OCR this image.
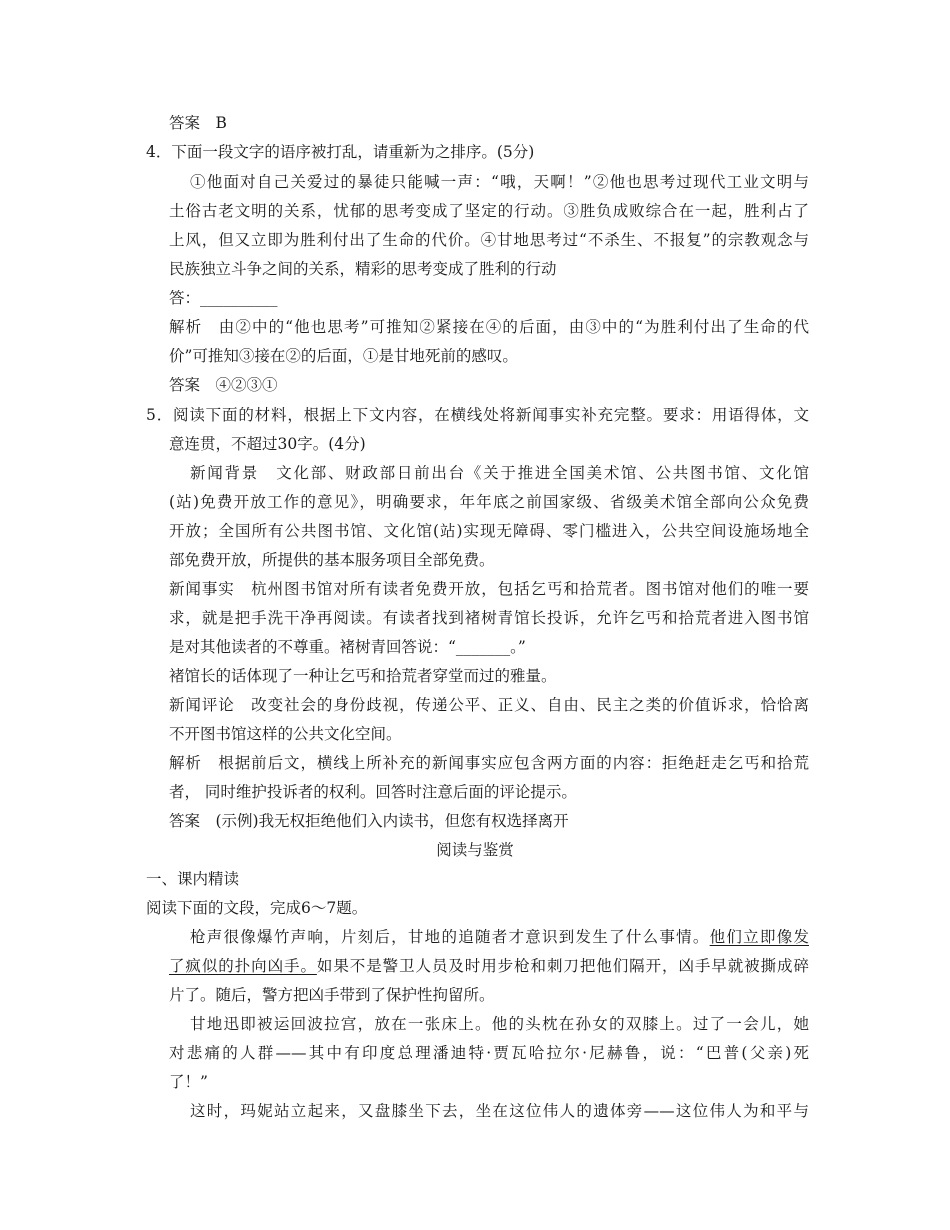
答案　B
4．下面一段文字的语序被打乱，请重新为之排序。(5分)
①他面对自己关爱过的暴徒只能喊一声：“哦，天啊！”②他也思考过现代工业文明与
土俗古老文明的关系，忧郁的思考变成了坚定的行动。③胜负成败综合在一起，胜利占了
上风，但又立即为胜利付出了生命的代价。④甘地思考过“不杀生、不报复”的宗教观念与
民族独立斗争之间的关系，精彩的思考变成了胜利的行动
答：__________
解析　由②中的“他也思考”可推知②紧接在④的后面，由③中的“为胜利付出了生命的代
价”可推知③接在②的后面，①是甘地死前的感叹。
答案　④②③①
5．阅读下面的材料，根据上下文内容，在横线处将新闻事实补充完整。要求：用语得体，文
意连贯，不超过30字。(4分)
新闻背景　文化部、财政部日前出台《关于推进全国美术馆、公共图书馆、文化馆
(站)免费开放工作的意见》，明确要求，年年底之前国家级、省级美术馆全部向公众免费
开放；全国所有公共图书馆、文化馆(站)实现无障碍、零门槛进入，公共空间设施场地全
部免费开放，所提供的基本服务项目全部免费。
新闻事实　杭州图书馆对所有读者免费开放，包括乞丐和拾荒者。图书馆对他们的唯一要
求，就是把手洗干净再阅读。有读者找到褚树青馆长投诉，允许乞丐和拾荒者进入图书馆
是对其他读者的不尊重。褚树青回答说：“_______。”
褚馆长的话体现了一种让乞丐和拾荒者穿堂而过的雅量。
新闻评论　改变社会的身份歧视，传递公平、正义、自由、民主之类的价值诉求，恰恰离
不开图书馆这样的公共文化空间。
解析　根据前后文，横线上所补充的新闻事实应包含两方面的内容：拒绝赶走乞丐和拾荒
者， 同时维护投诉者的权利。回答时注意后面的评论提示。
答案　(示例)我无权拒绝他们入内读书，但您有权选择离开
阅读与鉴赏
一、课内精读
阅读下面的文段，完成6～7题。
枪声很像爆竹声响，片刻后，甘地的追随者才意识到发生了什么事情。他们立即像发
了疯似的扑向凶手。如果不是警卫人员及时用步枪和刺刀把他们隔开，凶手早就被撕成碎
片了。随后，警方把凶手带到了保护性拘留所。
甘地迅即被运回波拉宫，放在一张床上。他的头枕在孙女的双膝上。过了一会儿，她
对悲痛的人群——其中有印度总理潘迪特·贾瓦哈拉尔·尼赫鲁，说：“巴普(父亲)死
了！”
这时，玛妮站立起来，又盘膝坐下去，坐在这位伟人的遗体旁——这位伟人为和平与
